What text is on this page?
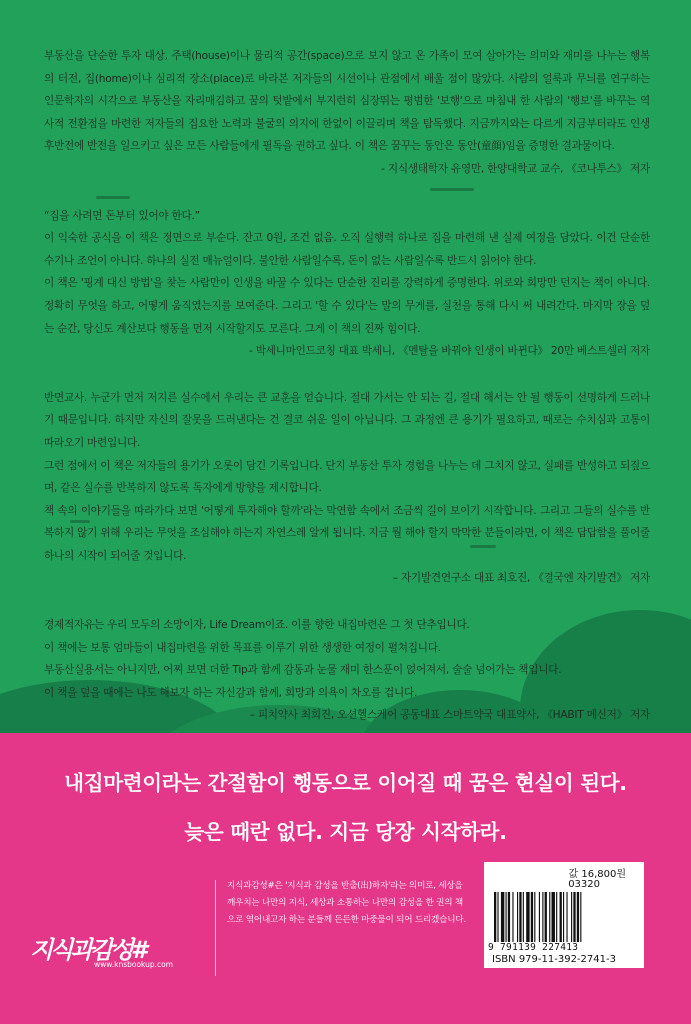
부동산을 단순한 투자 대상, 주택(house)이나 물리적 공간(space)으로 보지 않고 온 가족이 모여 살아가는 의미와 재미를 나누는 행복의 터전, 집(home)이나 심리적 장소(place)로 바라본 저자들의 시선이나 관점에서 배울 점이 많았다. 사람의 얼룩과 무늬를 연구하는 인문학자의 시각으로 부동산을 자리매김하고 꿈의 텃밭에서 부지런히 심장뛰는 평범한 '보행'으로 마침내 한 사람의 '행보'를 바꾸는 역사적 전환점을 마련한 저자들의 집요한 노력과 불굴의 의지에 한없이 이끌리며 책을 탐독했다. 지금까지와는 다르게 지금부터라도 인생 후반전에 반전을 일으키고 싶은 모든 사람들에게 필독을 권하고 싶다. 이 책은 꿈꾸는 동안은 동안(童顔)임을 증명한 결과물이다.

- 지식생태학자 유영만, 한양대학교 교수, 《코나투스》 저자

“집을 사려면 돈부터 있어야 한다.”

이 익숙한 공식을 이 책은 정면으로 부순다. 잔고 0원, 조건 없음. 오직 실행력 하나로 집을 마련해 낸 실제 여정을 담았다. 이건 단순한 수기나 조언이 아니다. 하나의 실전 매뉴얼이다. 불안한 사람일수록, 돈이 없는 사람일수록 반드시 읽어야 한다.

이 책은 '핑계 대신 방법'을 찾는 사람만이 인생을 바꿀 수 있다는 단순한 진리를 강력하게 증명한다. 위로와 희망만 던지는 책이 아니다. 정확히 무엇을 하고, 어떻게 움직였는지를 보여준다. 그리고 '할 수 있다'는 말의 무게를, 실천을 통해 다시 써 내려간다. 마지막 장을 덮는 순간, 당신도 계산보다 행동을 먼저 시작할지도 모른다. 그게 이 책의 진짜 힘이다.

- 박세니마인드코칭 대표 박세니, 《멘탈을 바꿔야 인생이 바뀐다》 20만 베스트셀러 저자

반면교사. 누군가 먼저 저지른 실수에서 우리는 큰 교훈을 얻습니다. 절대 가서는 안 되는 길, 절대 해서는 안 될 행동이 선명하게 드러나기 때문입니다. 하지만 자신의 잘못을 드러낸다는 건 결코 쉬운 일이 아닙니다. 그 과정엔 큰 용기가 필요하고, 때로는 수치심과 고통이 따라오기 마련입니다.

그런 점에서 이 책은 저자들의 용기가 오롯이 담긴 기록입니다. 단지 부동산 투자 경험을 나누는 데 그치지 않고, 실패를 반성하고 되짚으며, 같은 실수를 반복하지 않도록 독자에게 방향을 제시합니다.

책 속의 이야기들을 따라가다 보면 '어떻게 투자해야 할까'라는 막연함 속에서 조금씩 길이 보이기 시작합니다. 그리고 그들의 실수를 반복하지 않기 위해 우리는 무엇을 조심해야 하는지 자연스레 알게 됩니다. 지금 뭘 해야 할지 막막한 분들이라면, 이 책은 답답함을 풀어줄 하나의 시작이 되어줄 것입니다.

– 자기발견연구소 대표 최호진, 《결국엔 자기발견》 저자

경제적자유는 우리 모두의 소망이자, Life Dream이죠. 이를 향한 내집마련은 그 첫 단추입니다.

이 책에는 보통 엄마들이 내집마련을 위한 목표를 이루기 위한 생생한 여정이 펼쳐집니다.

부동산실용서는 아니지만, 어찌 보면 더한 Tip과 함께 감동과 눈물 재미 한스푼이 얹어져서, 술술 넘어가는 책입니다.

이 책을 덮을 때에는 나도 해보자 하는 자신감과 함께, 희망과 의욕이 차오를 겁니다.

– 피치약사 최희진, 오션헬스케어 공동대표 스마트약국 대표약사, 《HABIT 메신저》 저자

내집마련이라는 간절함이 행동으로 이어질 때 꿈은 현실이 된다.
늦은 때란 없다. 지금 당장 시작하라.
값 16,800원
03320
9 791139 227413
ISBN 979-11-392-2741-3
지식과감성#
www.knsbookup.com

지식과감성#은 '지식과 감성을 반출(出)하자'라는 의미로, 세상을 깨우치는 나만의 지식, 세상과 소통하는 나만의 감성을 한 권의 책으로 엮어내고자 하는 분들께 든든한 마중물이 되어 드리겠습니다.
